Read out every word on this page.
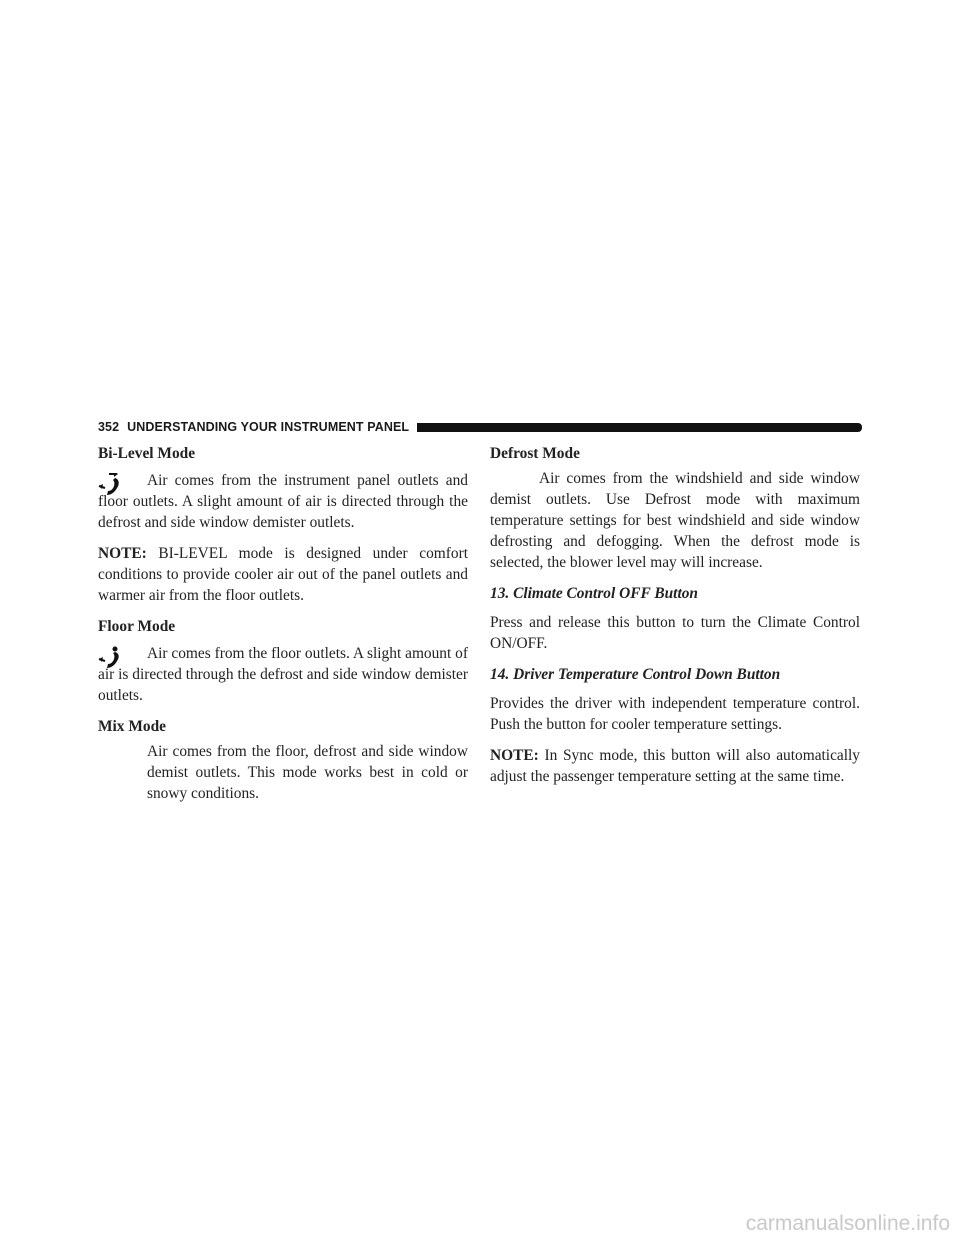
352 UNDERSTANDING YOUR INSTRUMENT PANEL
Bi-Level Mode

Air comes from the instrument panel outlets and floor outlets. A slight amount of air is directed through the defrost and side window demister outlets.

NOTE: BI-LEVEL mode is designed under comfort conditions to provide cooler air out of the panel outlets and warmer air from the floor outlets.

Floor Mode

Air comes from the floor outlets. A slight amount of air is directed through the defrost and side window demister outlets.

Mix Mode

Air comes from the floor, defrost and side window demist outlets. This mode works best in cold or snowy conditions.

Defrost Mode

Air comes from the windshield and side window demist outlets. Use Defrost mode with maximum temperature settings for best windshield and side window defrosting and defogging. When the defrost mode is selected, the blower level may will increase.

13. Climate Control OFF Button

Press and release this button to turn the Climate Control ON/OFF.

14. Driver Temperature Control Down Button

Provides the driver with independent temperature control. Push the button for cooler temperature settings.

NOTE: In Sync mode, this button will also automatically adjust the passenger temperature setting at the same time.

carmanualsonline.info
